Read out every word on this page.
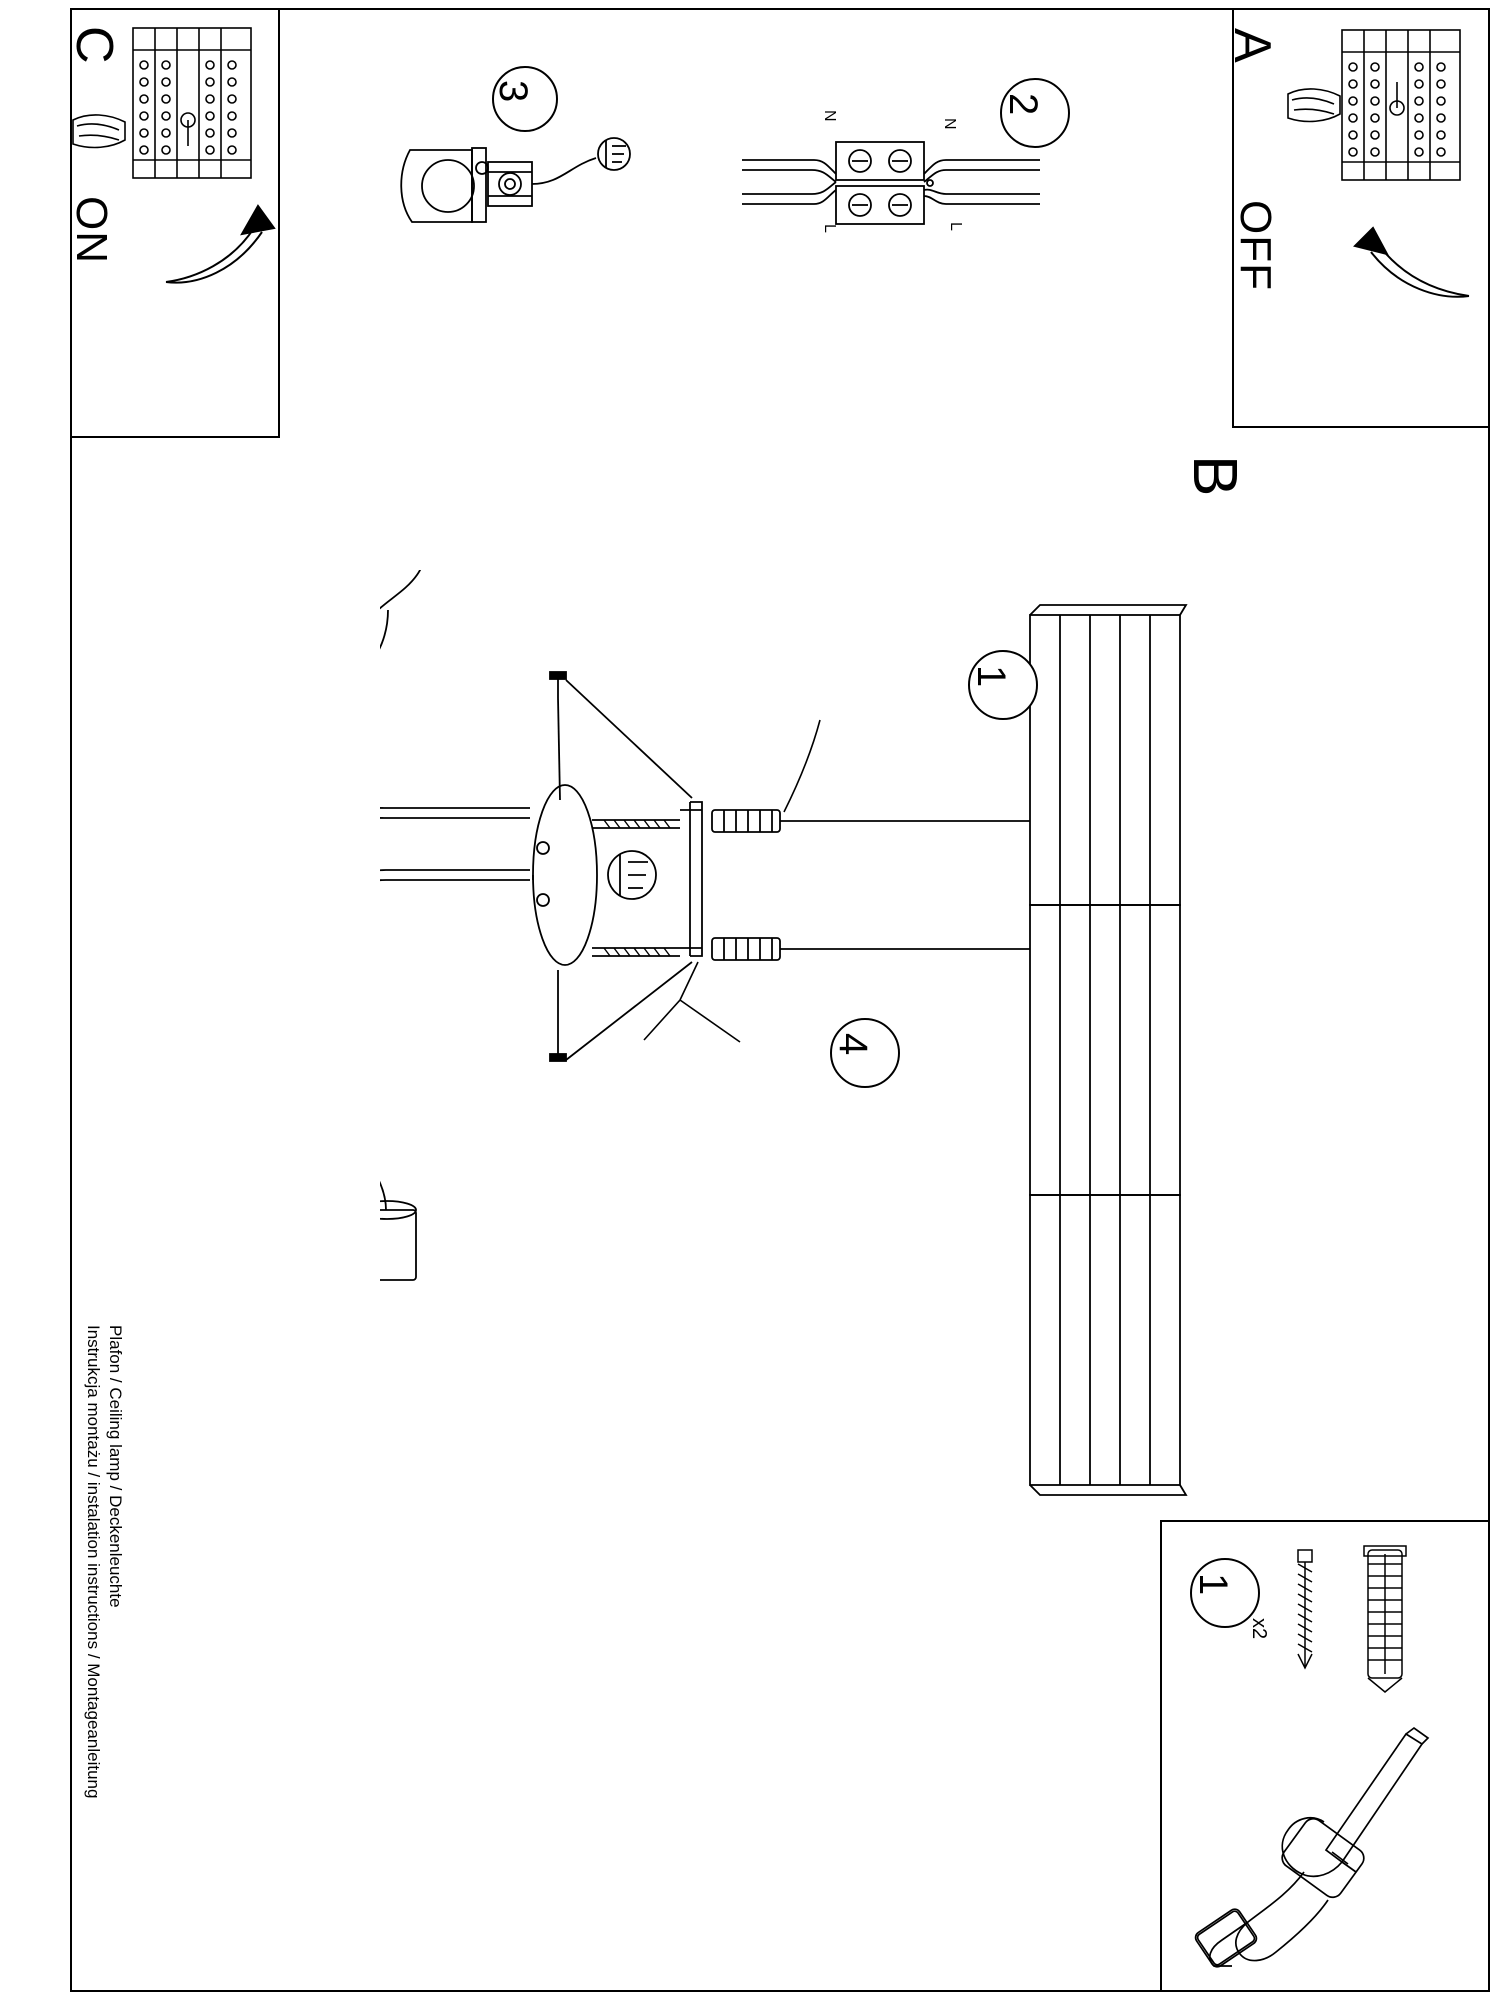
A
OFF
C
ON
B
3
N
N
L	L
2
1
4
1
x2
Instrukcja montażu / instalation instructions / Montageanleitung Plafon / Ceiling lamp / Deckenleuchte
